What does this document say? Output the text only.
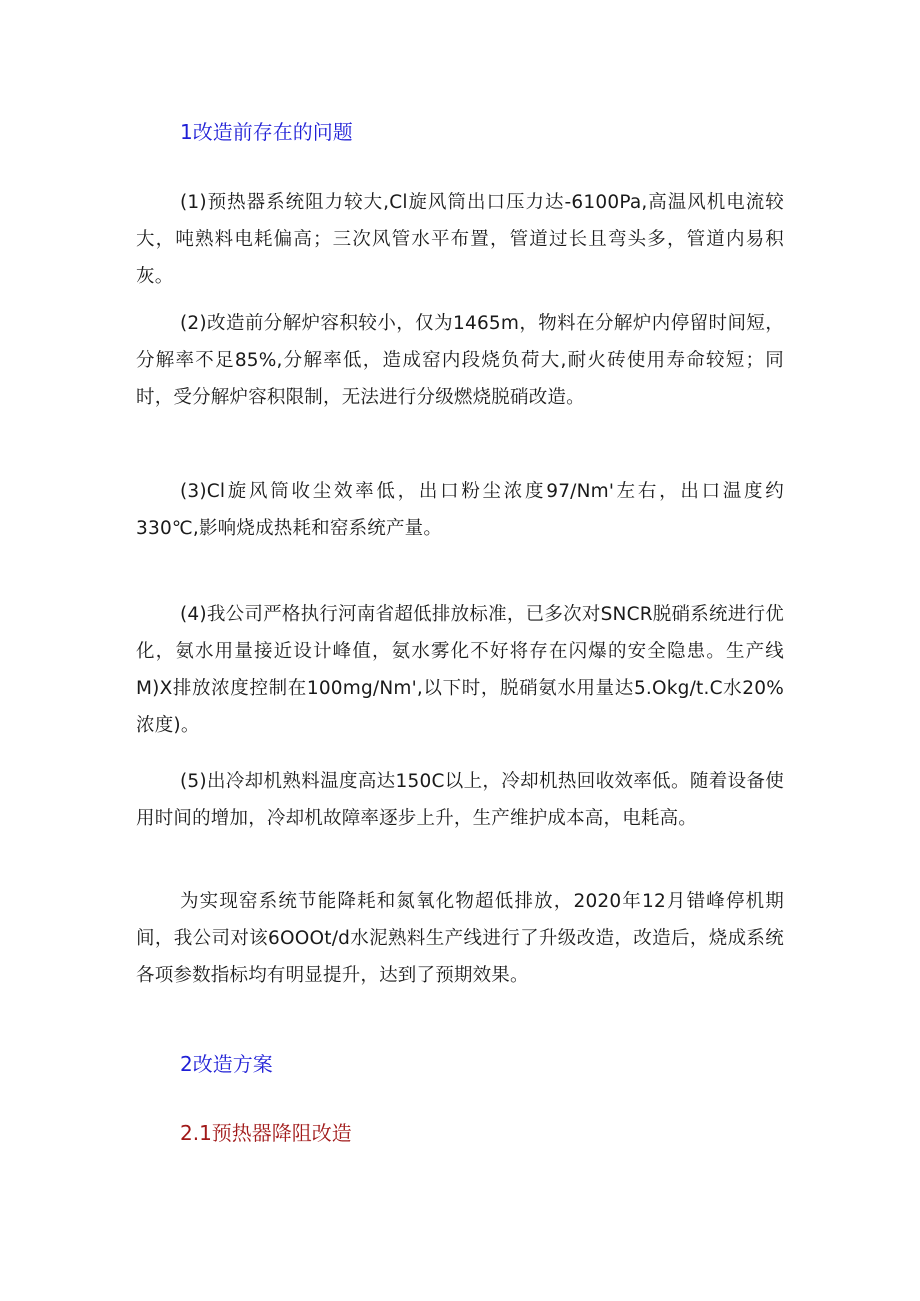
1改造前存在的问题

(1)预热器系统阻力较大,Cl旋风筒出口压力达-6100Pa,高温风机电流较大，吨熟料电耗偏高；三次风管水平布置，管道过长且弯头多，管道内易积灰。

(2)改造前分解炉容积较小，仅为1465m，物料在分解炉内停留时间短，分解率不足85%,分解率低，造成窑内段烧负荷大,耐火砖使用寿命较短；同时，受分解炉容积限制，无法进行分级燃烧脱硝改造。

(3)Cl旋风筒收尘效率低，出口粉尘浓度97/Nm'左右，出口温度约330℃,影响烧成热耗和窑系统产量。

(4)我公司严格执行河南省超低排放标准，已多次对SNCR脱硝系统进行优化，氨水用量接近设计峰值，氨水雾化不好将存在闪爆的安全隐患。生产线M)X排放浓度控制在100mg/Nm',以下时，脱硝氨水用量达5.Okg/t.C水20%浓度)。

(5)出冷却机熟料温度高达150C以上，冷却机热回收效率低。随着设备使用时间的增加，冷却机故障率逐步上升，生产维护成本高，电耗高。

为实现窑系统节能降耗和氮氧化物超低排放，2020年12月错峰停机期间，我公司对该6OOOt/d水泥熟料生产线进行了升级改造，改造后，烧成系统各项参数指标均有明显提升，达到了预期效果。

2改造方案
2.1预热器降阻改造
